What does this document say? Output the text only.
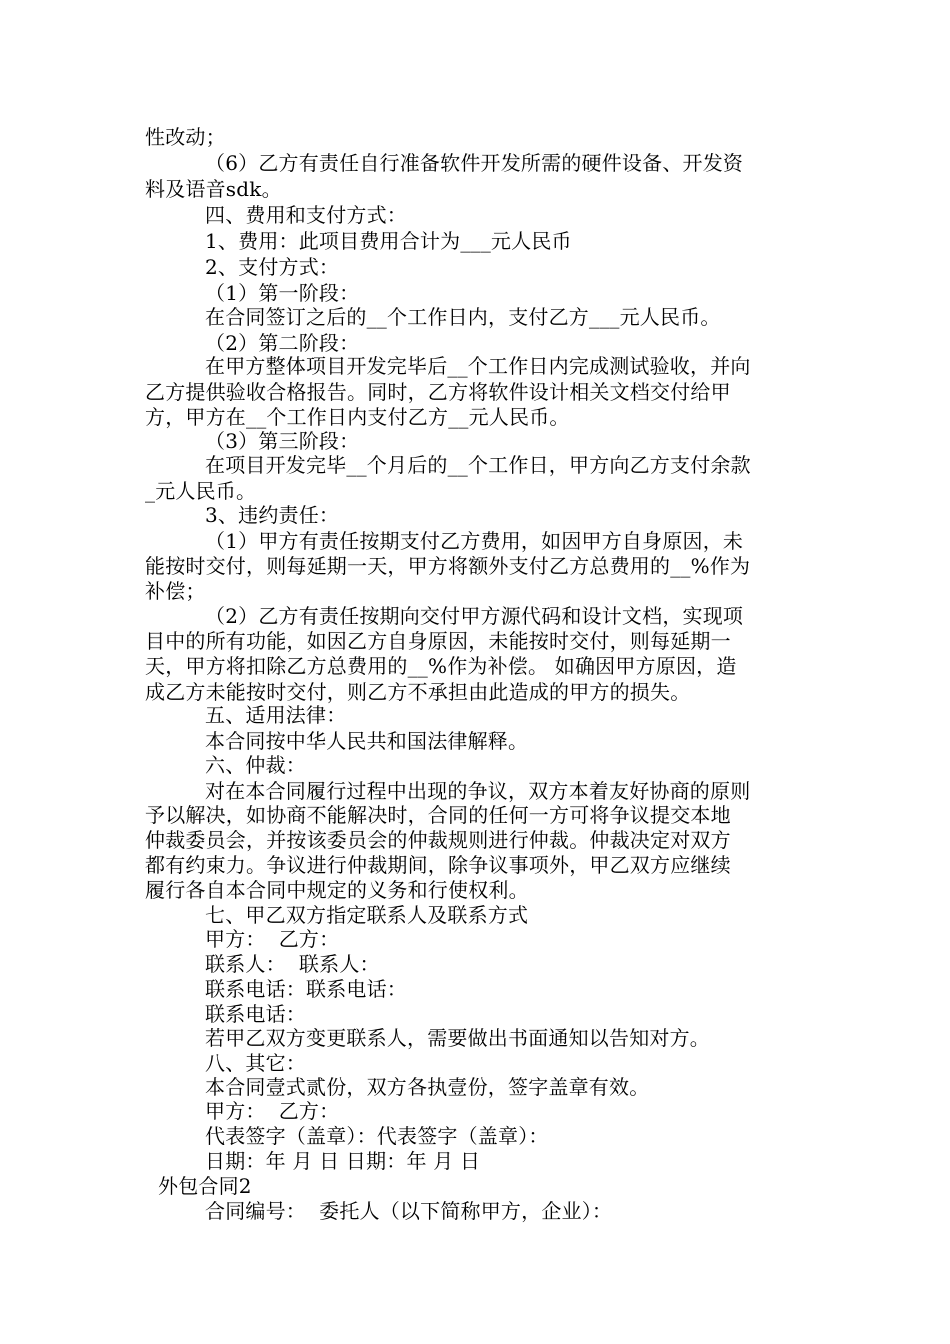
性改动；
（6）乙方有责任自行准备软件开发所需的硬件设备、开发资
料及语音sdk。
四、费用和支付方式：
1、费用：此项目费用合计为___元人民币
2、支付方式：
（1）第一阶段：
在合同签订之后的__个工作日内，支付乙方___元人民币。
（2）第二阶段：
在甲方整体项目开发完毕后__个工作日内完成测试验收，并向
乙方提供验收合格报告。同时，乙方将软件设计相关文档交付给甲
方，甲方在__个工作日内支付乙方__元人民币。
（3）第三阶段：
在项目开发完毕__个月后的__个工作日，甲方向乙方支付余款
_元人民币。
3、违约责任：
（1）甲方有责任按期支付乙方费用，如因甲方自身原因，未
能按时交付，则每延期一天，甲方将额外支付乙方总费用的__%作为
补偿；
（2）乙方有责任按期向交付甲方源代码和设计文档，实现项
目中的所有功能，如因乙方自身原因，未能按时交付，则每延期一
天，甲方将扣除乙方总费用的__%作为补偿。 如确因甲方原因，造
成乙方未能按时交付，则乙方不承担由此造成的甲方的损失。
五、适用法律：
本合同按中华人民共和国法律解释。
六、仲裁：
对在本合同履行过程中出现的争议，双方本着友好协商的原则
予以解决，如协商不能解决时，合同的任何一方可将争议提交本地
仲裁委员会，并按该委员会的仲裁规则进行仲裁。仲裁决定对双方
都有约束力。争议进行仲裁期间，除争议事项外，甲乙双方应继续
履行各自本合同中规定的义务和行使权利。
七、甲乙双方指定联系人及联系方式
甲方：  乙方：
联系人：  联系人：
联系电话：联系电话：
联系电话：
若甲乙双方变更联系人，需要做出书面通知以告知对方。
八、其它：
本合同壹式贰份，双方各执壹份，签字盖章有效。
甲方：  乙方：
代表签字（盖章）：代表签字（盖章）：
日期：年 月 日 日期：年 月 日
外包合同2
合同编号：  委托人（以下简称甲方，企业）：
